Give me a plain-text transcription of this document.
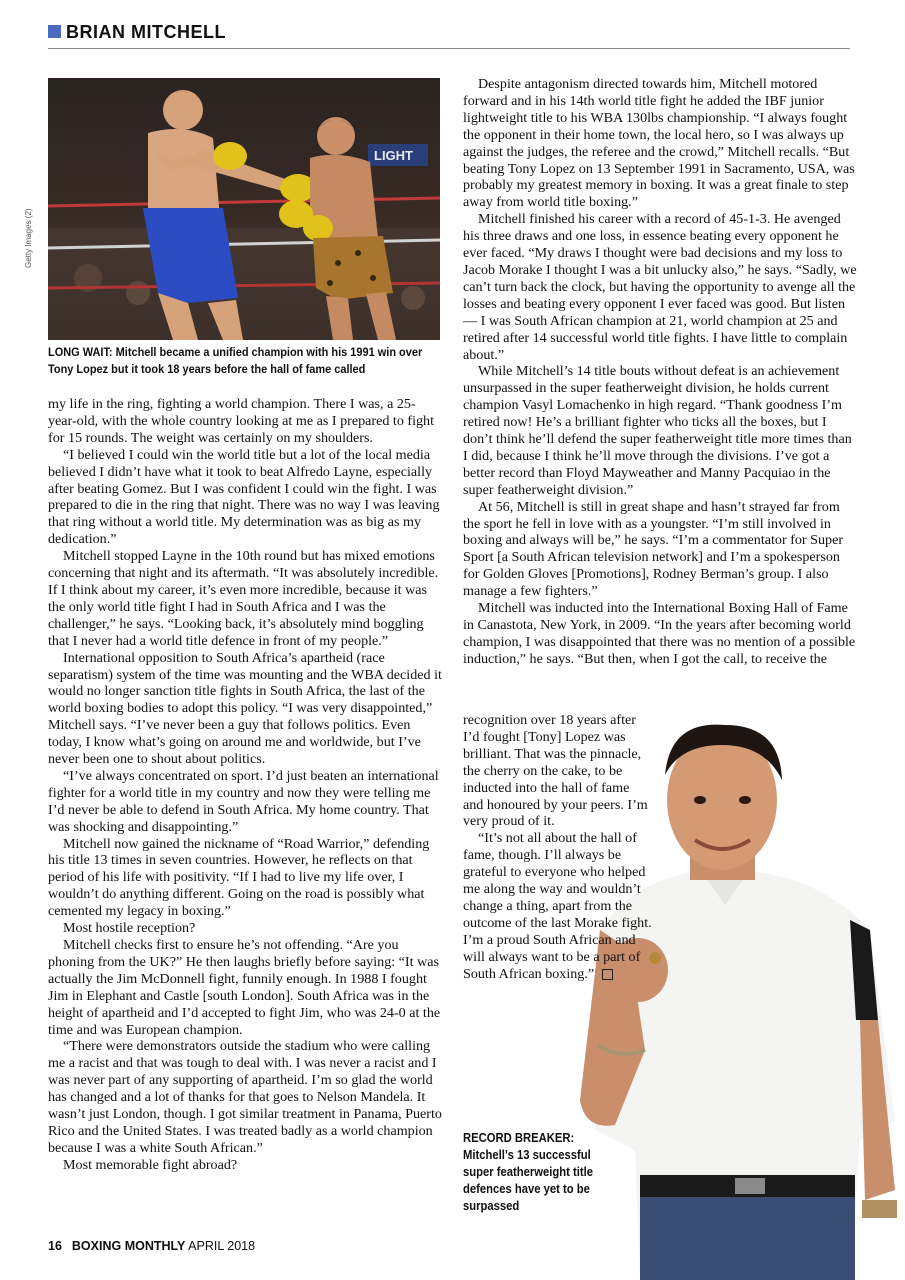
BRIAN MITCHELL
Getty Images (2)
LIGHT
LONG WAIT: Mitchell became a unified champion with his 1991 win over Tony Lopez but it took 18 years before the hall of fame called

my life in the ring, fighting a world champion. There I was, a 25-year-old, with the whole country looking at me as I prepared to fight for 15 rounds. The weight was certainly on my shoulders.

“I believed I could win the world title but a lot of the local media believed I didn’t have what it took to beat Alfredo Layne, especially after beating Gomez. But I was confident I could win the fight. I was prepared to die in the ring that night. There was no way I was leaving that ring without a world title. My determination was as big as my dedication.”

Mitchell stopped Layne in the 10th round but has mixed emotions concerning that night and its aftermath. “It was absolutely incredible. If I think about my career, it’s even more incredible, because it was the only world title fight I had in South Africa and I was the challenger,” he says. “Looking back, it’s absolutely mind boggling that I never had a world title defence in front of my people.”

International opposition to South Africa’s apartheid (race separatism) system of the time was mounting and the WBA decided it would no longer sanction title fights in South Africa, the last of the world boxing bodies to adopt this policy. “I was very disappointed,” Mitchell says. “I’ve never been a guy that follows politics. Even today, I know what’s going on around me and worldwide, but I’ve never been one to shout about politics.

“I’ve always concentrated on sport. I’d just beaten an international fighter for a world title in my country and now they were telling me I’d never be able to defend in South Africa. My home country. That was shocking and disappointing.”

Mitchell now gained the nickname of “Road Warrior,” defending his title 13 times in seven countries. However, he reflects on that period of his life with positivity. “If I had to live my life over, I wouldn’t do anything different. Going on the road is possibly what cemented my legacy in boxing.”

Most hostile reception?

Mitchell checks first to ensure he’s not offending. “Are you phoning from the UK?” He then laughs briefly before saying: “It was actually the Jim McDonnell fight, funnily enough. In 1988 I fought Jim in Elephant and Castle [south London]. South Africa was in the height of apartheid and I’d accepted to fight Jim, who was 24-0 at the time and was European champion.

“There were demonstrators outside the stadium who were calling me a racist and that was tough to deal with. I was never a racist and I was never part of any supporting of apartheid. I’m so glad the world has changed and a lot of thanks for that goes to Nelson Mandela. It wasn’t just London, though. I got similar treatment in Panama, Puerto Rico and the United States. I was treated badly as a world champion because I was a white South African.”

Most memorable fight abroad?

Despite antagonism directed towards him, Mitchell motored forward and in his 14th world title fight he added the IBF junior lightweight title to his WBA 130lbs championship. “I always fought the opponent in their home town, the local hero, so I was always up against the judges, the referee and the crowd,” Mitchell recalls. “But beating Tony Lopez on 13 September 1991 in Sacramento, USA, was probably my greatest memory in boxing. It was a great finale to step away from world title boxing.”

Mitchell finished his career with a record of 45-1-3. He avenged his three draws and one loss, in essence beating every opponent he ever faced. “My draws I thought were bad decisions and my loss to Jacob Morake I thought I was a bit unlucky also,” he says. “Sadly, we can’t turn back the clock, but having the opportunity to avenge all the losses and beating every opponent I ever faced was good. But listen — I was South African champion at 21, world champion at 25 and retired after 14 successful world title fights. I have little to complain about.”

While Mitchell’s 14 title bouts without defeat is an achievement unsurpassed in the super featherweight division, he holds current champion Vasyl Lomachenko in high regard. “Thank goodness I’m retired now! He’s a brilliant fighter who ticks all the boxes, but I don’t think he’ll defend the super featherweight title more times than I did, because I think he’ll move through the divisions. I’ve got a better record than Floyd Mayweather and Manny Pacquiao in the super featherweight division.”

At 56, Mitchell is still in great shape and hasn’t strayed far from the sport he fell in love with as a youngster. “I’m still involved in boxing and always will be,” he says. “I’m a commentator for Super Sport [a South African television network] and I’m a spokesperson for Golden Gloves [Promotions], Rodney Berman’s group. I also manage a few fighters.”

Mitchell was inducted into the International Boxing Hall of Fame in Canastota, New York, in 2009. “In the years after becoming world champion, I was disappointed that there was no mention of a possible induction,” he says. “But then, when I got the call, to receive the

recognition over 18 years after I’d fought [Tony] Lopez was brilliant. That was the pinnacle, the cherry on the cake, to be inducted into the hall of fame and honoured by your peers. I’m very proud of it.

“It’s not all about the hall of fame, though. I’ll always be grateful to everyone who helped me along the way and wouldn’t change a thing, apart from the outcome of the last Morake fight. I’m a proud South African and will always want to be a part of South African boxing.”

RECORD BREAKER:
Mitchell’s 13 successful super featherweight title defences have yet to be surpassed
16 BOXING MONTHLY APRIL 2018
